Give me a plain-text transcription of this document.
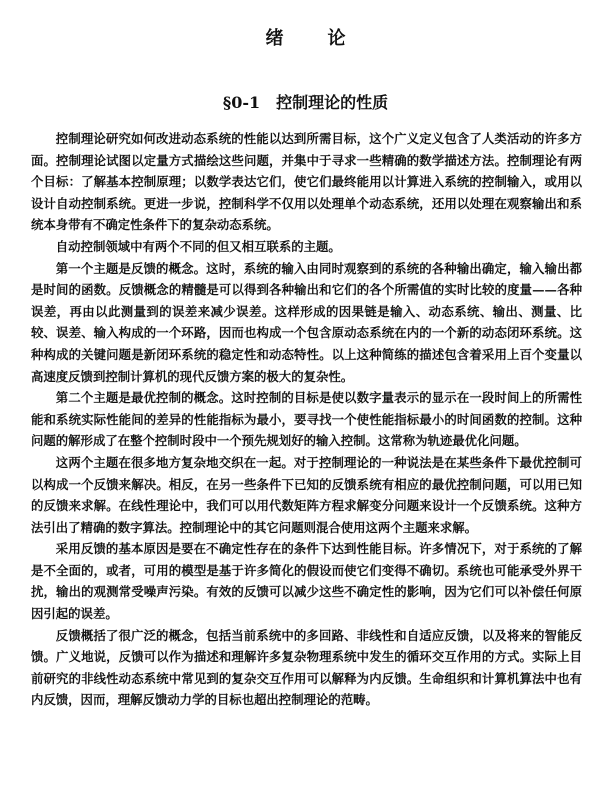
绪 论
§0-1 控制理论的性质

控制理论研究如何改进动态系统的性能以达到所需目标，这个广义定义包含了人类活动的许多方面。控制理论试图以定量方式描绘这些问题，并集中于寻求一些精确的数学描述方法。控制理论有两个目标：了解基本控制原理；以数学表达它们，使它们最终能用以计算进入系统的控制输入，或用以设计自动控制系统。更进一步说，控制科学不仅用以处理单个动态系统，还用以处理在观察输出和系统本身带有不确定性条件下的复杂动态系统。

自动控制领域中有两个不同的但又相互联系的主题。

第一个主题是反馈的概念。这时，系统的输入由同时观察到的系统的各种输出确定，输入输出都是时间的函数。反馈概念的精髓是可以得到各种输出和它们的各个所需值的实时比较的度量——各种误差，再由以此测量到的误差来减少误差。这样形成的因果链是输入、动态系统、输出、测量、比较、误差、输入构成的一个环路，因而也构成一个包含原动态系统在内的一个新的动态闭环系统。这种构成的关键问题是新闭环系统的稳定性和动态特性。以上这种简练的描述包含着采用上百个变量以高速度反馈到控制计算机的现代反馈方案的极大的复杂性。

第二个主题是最优控制的概念。这时控制的目标是使以数字量表示的显示在一段时间上的所需性能和系统实际性能间的差异的性能指标为最小，要寻找一个使性能指标最小的时间函数的控制。这种问题的解形成了在整个控制时段中一个预先规划好的输入控制。这常称为轨迹最优化问题。

这两个主题在很多地方复杂地交织在一起。对于控制理论的一种说法是在某些条件下最优控制可以构成一个反馈来解决。相反，在另一些条件下已知的反馈系统有相应的最优控制问题，可以用已知的反馈来求解。在线性理论中，我们可以用代数矩阵方程求解变分问题来设计一个反馈系统。这种方法引出了精确的数字算法。控制理论中的其它问题则混合使用这两个主题来求解。

采用反馈的基本原因是要在不确定性存在的条件下达到性能目标。许多情况下，对于系统的了解是不全面的，或者，可用的模型是基于许多简化的假设而使它们变得不确切。系统也可能承受外界干扰，输出的观测常受噪声污染。有效的反馈可以减少这些不确定性的影响，因为它们可以补偿任何原因引起的误差。

反馈概括了很广泛的概念，包括当前系统中的多回路、非线性和自适应反馈，以及将来的智能反馈。广义地说，反馈可以作为描述和理解许多复杂物理系统中发生的循环交互作用的方式。实际上目前研究的非线性动态系统中常见到的复杂交互作用可以解释为内反馈。生命组织和计算机算法中也有内反馈，因而，理解反馈动力学的目标也超出控制理论的范畴。
